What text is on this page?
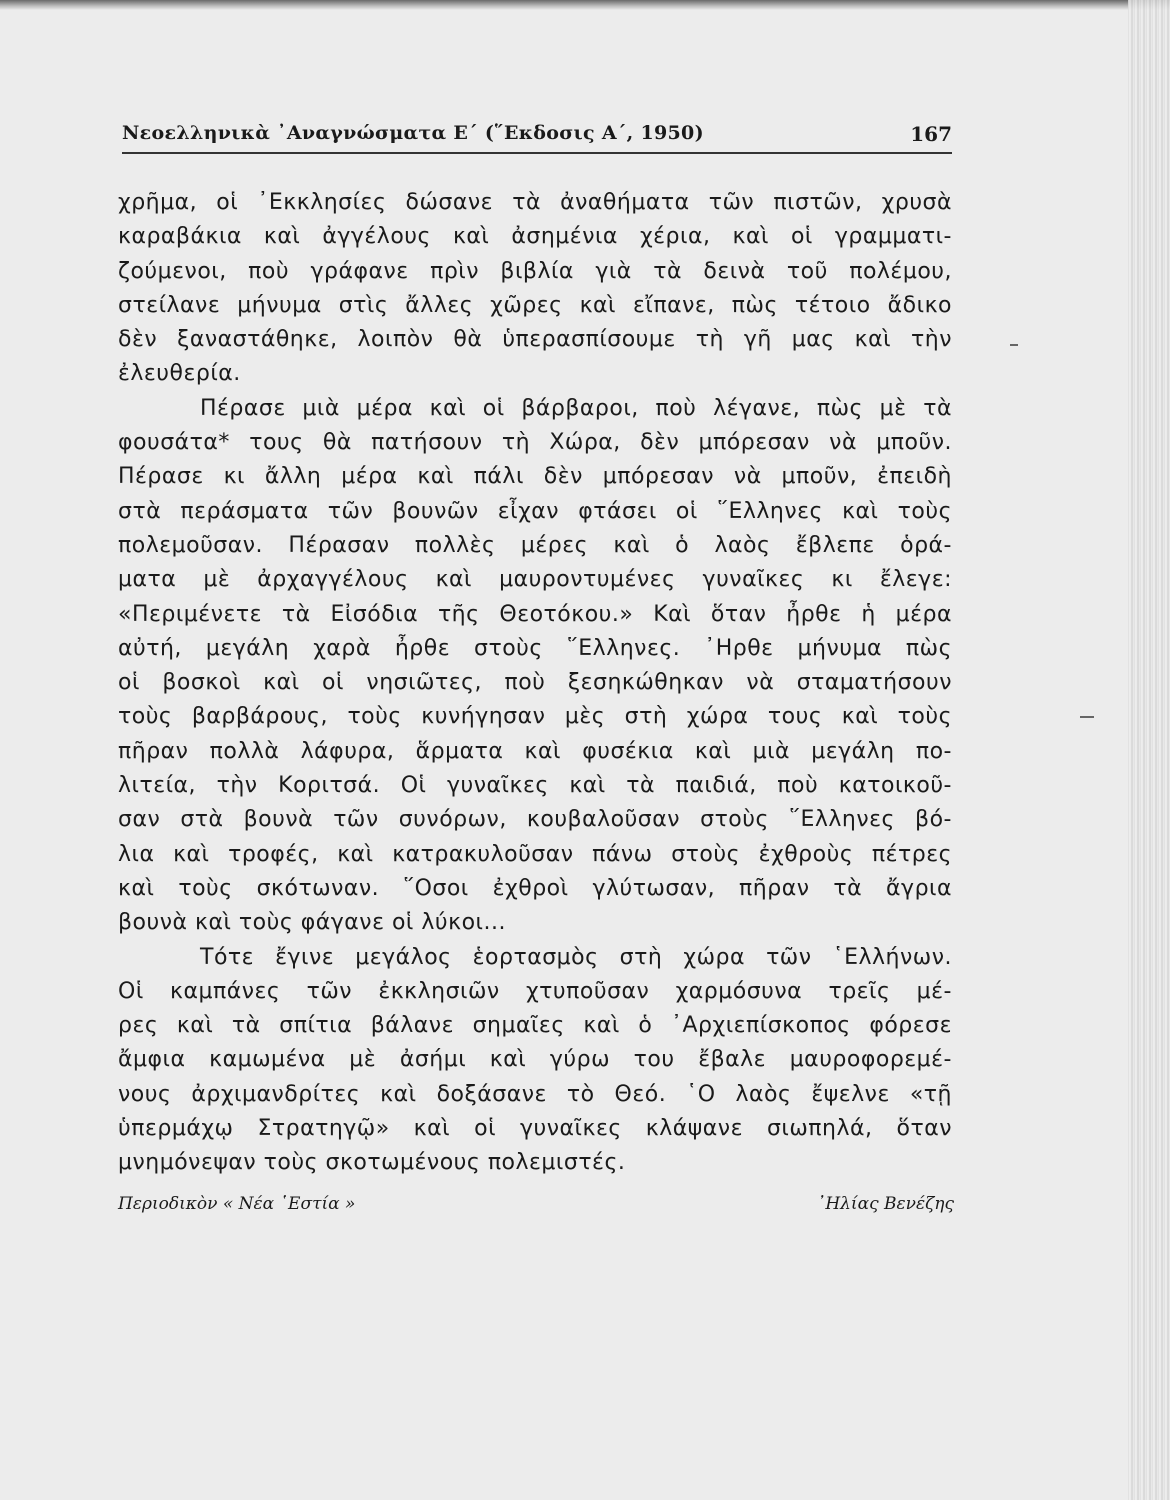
Νεοελληνικὰ ᾿Αναγνώσματα Ε΄ (῞Εκδοσις Α΄, 1950)	167
χρῆμα, οἱ ᾿Εκκλησίες δώσανε τὰ ἀναθήματα τῶν πιστῶν, χρυσὰ
καραβάκια καὶ ἀγγέλους καὶ ἀσημένια χέρια, καὶ οἱ γραμματι-
ζούμενοι, ποὺ γράφανε πρὶν βιβλία γιὰ τὰ δεινὰ τοῦ πολέμου,
στείλανε μήνυμα στὶς ἄλλες χῶρες καὶ εἴπανε, πὼς τέτοιο ἄδικο
δὲν ξαναστάθηκε, λοιπὸν θὰ ὑπερασπίσουμε τὴ γῆ μας καὶ τὴν
ἐλευθερία.
Πέρασε μιὰ μέρα καὶ οἱ βάρβαροι, ποὺ λέγανε, πὼς μὲ τὰ
φουσάτα* τους θὰ πατήσουν τὴ Χώρα, δὲν μπόρεσαν νὰ μποῦν.
Πέρασε κι ἄλλη μέρα καὶ πάλι δὲν μπόρεσαν νὰ μποῦν, ἐπειδὴ
στὰ περάσματα τῶν βουνῶν εἶχαν φτάσει οἱ ῞Ελληνες καὶ τοὺς
πολεμοῦσαν. Πέρασαν πολλὲς μέρες καὶ ὁ λαὸς ἔβλεπε ὁρά-
ματα μὲ ἀρχαγγέλους καὶ μαυροντυμένες γυναῖκες κι ἔλεγε:
«Περιμένετε τὰ Εἰσόδια τῆς Θεοτόκου.» Καὶ ὅταν ἦρθε ἡ μέρα
αὐτή, μεγάλη χαρὰ ἦρθε στοὺς ῞Ελληνες. ᾿Ηρθε μήνυμα πὼς
οἱ βοσκοὶ καὶ οἱ νησιῶτες, ποὺ ξεσηκώθηκαν νὰ σταματήσουν
τοὺς βαρβάρους, τοὺς κυνήγησαν μὲς στὴ χώρα τους καὶ τοὺς
πῆραν πολλὰ λάφυρα, ἅρματα καὶ φυσέκια καὶ μιὰ μεγάλη πο-
λιτεία, τὴν Κοριτσά. Οἱ γυναῖκες καὶ τὰ παιδιά, ποὺ κατοικοῦ-
σαν στὰ βουνὰ τῶν συνόρων, κουβαλοῦσαν στοὺς ῞Ελληνες βό-
λια καὶ τροφές, καὶ κατρακυλοῦσαν πάνω στοὺς ἐχθροὺς πέτρες
καὶ τοὺς σκότωναν. ῞Οσοι ἐχθροὶ γλύτωσαν, πῆραν τὰ ἄγρια
βουνὰ καὶ τοὺς φάγανε οἱ λύκοι...
Τότε ἔγινε μεγάλος ἑορτασμὸς στὴ χώρα τῶν ῾Ελλήνων.
Οἱ καμπάνες τῶν ἐκκλησιῶν χτυποῦσαν χαρμόσυνα τρεῖς μέ-
ρες καὶ τὰ σπίτια βάλανε σημαῖες καὶ ὁ ᾿Αρχιεπίσκοπος φόρεσε
ἄμφια καμωμένα μὲ ἀσήμι καὶ γύρω του ἔβαλε μαυροφορεμέ-
νους ἀρχιμανδρίτες καὶ δοξάσανε τὸ Θεό. ῾Ο λαὸς ἔψελνε «τῇ
ὑπερμάχῳ Στρατηγῷ» καὶ οἱ γυναῖκες κλάψανε σιωπηλά, ὅταν
μνημόνεψαν τοὺς σκοτωμένους πολεμιστές.
Περιοδικὸν « Νέα ῾Εστία »	᾿Ηλίας Βενέζης
